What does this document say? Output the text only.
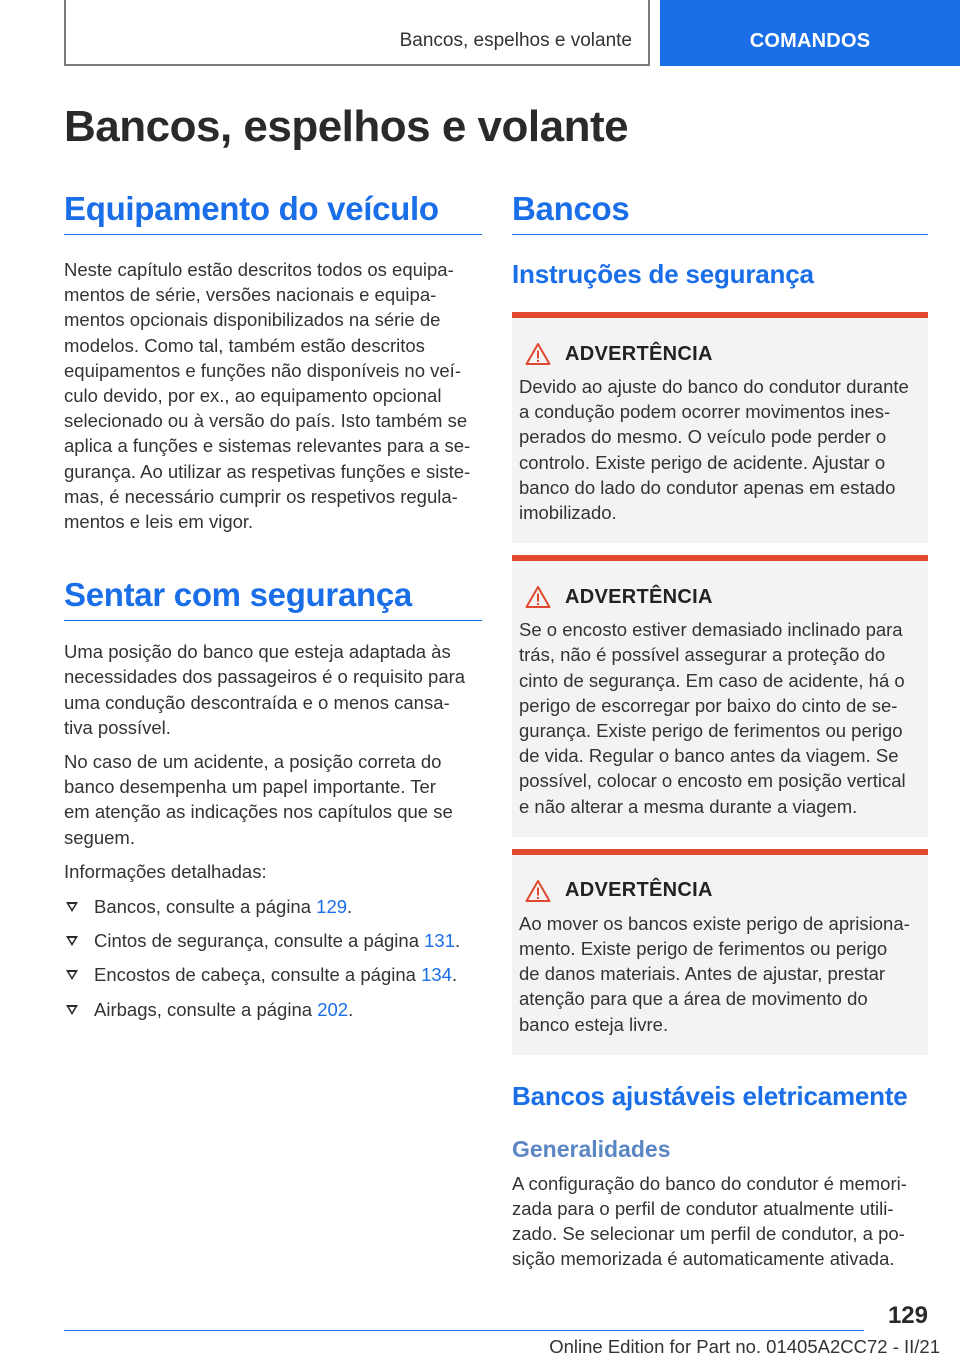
Bancos, espelhos e volante	COMANDOS
Bancos, espelhos e volante
Equipamento do veículo

Neste capítulo estão descritos todos os equipa-
mentos de série, versões nacionais e equipa-
mentos opcionais disponibilizados na série de
modelos. Como tal, também estão descritos
equipamentos e funções não disponíveis no veí-
culo devido, por ex., ao equipamento opcional
selecionado ou à versão do país. Isto também se
aplica a funções e sistemas relevantes para a se-
gurança. Ao utilizar as respetivas funções e siste-
mas, é necessário cumprir os respetivos regula-
mentos e leis em vigor.

Sentar com segurança

Uma posição do banco que esteja adaptada às
necessidades dos passageiros é o requisito para
uma condução descontraída e o menos cansa-
tiva possível.

No caso de um acidente, a posição correta do
banco desempenha um papel importante. Ter
em atenção as indicações nos capítulos que se
seguem.

Informações detalhadas:

Bancos, consulte a página 129.
Cintos de segurança, consulte a página 131.
Encostos de cabeça, consulte a página 134.
Airbags, consulte a página 202.
Bancos
Instruções de segurança
ADVERTÊNCIA

Devido ao ajuste do banco do condutor durante
a condução podem ocorrer movimentos ines-
perados do mesmo. O veículo pode perder o
controlo. Existe perigo de acidente. Ajustar o
banco do lado do condutor apenas em estado
imobilizado.

ADVERTÊNCIA

Se o encosto estiver demasiado inclinado para
trás, não é possível assegurar a proteção do
cinto de segurança. Em caso de acidente, há o
perigo de escorregar por baixo do cinto de se-
gurança. Existe perigo de ferimentos ou perigo
de vida. Regular o banco antes da viagem. Se
possível, colocar o encosto em posição vertical
e não alterar a mesma durante a viagem.

ADVERTÊNCIA

Ao mover os bancos existe perigo de aprisiona-
mento. Existe perigo de ferimentos ou perigo
de danos materiais. Antes de ajustar, prestar
atenção para que a área de movimento do
banco esteja livre.

Bancos ajustáveis eletricamente
Generalidades

A configuração do banco do condutor é memori-
zada para o perfil de condutor atualmente utili-
zado. Se selecionar um perfil de condutor, a po-
sição memorizada é automaticamente ativada.

129
Online Edition for Part no. 01405A2CC72 - II/21
